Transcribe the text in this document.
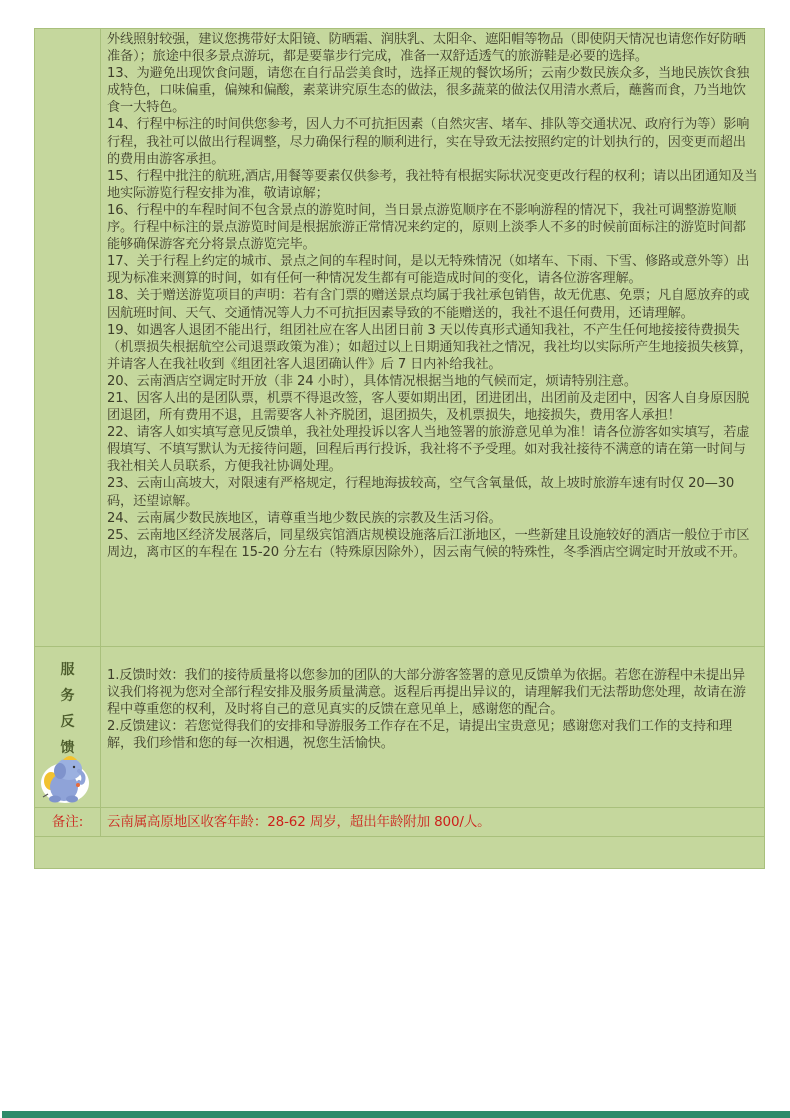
外线照射较强，建议您携带好太阳镜、防晒霜、润肤乳、太阳伞、遮阳帽等物品（即使阴天情况也请您作好防晒准备）；旅途中很多景点游玩，都是要靠步行完成，准备一双舒适透气的旅游鞋是必要的选择。

13、为避免出现饮食问题，请您在自行品尝美食时，选择正规的餐饮场所；云南少数民族众多，当地民族饮食独成特色，口味偏重，偏辣和偏酸，素菜讲究原生态的做法，很多蔬菜的做法仅用清水煮后，蘸酱而食，乃当地饮食一大特色。

14、行程中标注的时间供您参考，因人力不可抗拒因素（自然灾害、堵车、排队等交通状况、政府行为等）影响行程，我社可以做出行程调整，尽力确保行程的顺利进行，实在导致无法按照约定的计划执行的，因变更而超出的费用由游客承担。

15、行程中批注的航班,酒店,用餐等要素仅供参考，我社特有根据实际状况变更改行程的权利；请以出团通知及当地实际游览行程安排为准，敬请谅解；

16、行程中的车程时间不包含景点的游览时间，当日景点游览顺序在不影响游程的情况下，我社可调整游览顺序。行程中标注的景点游览时间是根据旅游正常情况来约定的，原则上淡季人不多的时候前面标注的游览时间都能够确保游客充分将景点游览完毕。

17、关于行程上约定的城市、景点之间的车程时间，是以无特殊情况（如堵车、下雨、下雪、修路或意外等）出现为标准来测算的时间，如有任何一种情况发生都有可能造成时间的变化，请各位游客理解。

18、关于赠送游览项目的声明：若有含门票的赠送景点均属于我社承包销售，故无优惠、免票；凡自愿放弃的或因航班时间、天气、交通情况等人力不可抗拒因素导致的不能赠送的，我社不退任何费用，还请理解。

19、如遇客人退团不能出行，组团社应在客人出团日前 3 天以传真形式通知我社，不产生任何地接接待费损失（机票损失根据航空公司退票政策为准）；如超过以上日期通知我社之情况，我社均以实际所产生地接损失核算，并请客人在我社收到《组团社客人退团确认件》后 7 日内补给我社。

20、云南酒店空调定时开放（非 24 小时），具体情况根据当地的气候而定，烦请特别注意。

21、因客人出的是团队票，机票不得退改签，客人要如期出团，团进团出，出团前及走团中，因客人自身原因脱团退团，所有费用不退，且需要客人补齐脱团，退团损失，及机票损失，地接损失，费用客人承担！

22、请客人如实填写意见反馈单，我社处理投诉以客人当地签署的旅游意见单为准！请各位游客如实填写，若虚假填写、不填写默认为无接待问题，回程后再行投诉，我社将不予受理。如对我社接待不满意的请在第一时间与我社相关人员联系，方便我社协调处理。

23、云南山高坡大，对限速有严格规定，行程地海拔较高，空气含氧量低，故上坡时旅游车速有时仅 20—30 码，还望谅解。

24、云南属少数民族地区，请尊重当地少数民族的宗教及生活习俗。

25、云南地区经济发展落后，同星级宾馆酒店规模设施落后江浙地区，一些新建且设施较好的酒店一般位于市区周边，离市区的车程在 15-20 分左右（特殊原因除外），因云南气候的特殊性，冬季酒店空调定时开放或不开。

服
务
反
馈

1.反馈时效：我们的接待质量将以您参加的团队的大部分游客签署的意见反馈单为依据。若您在游程中未提出异议我们将视为您对全部行程安排及服务质量满意。返程后再提出异议的，请理解我们无法帮助您处理，故请在游程中尊重您的权利，及时将自己的意见真实的反馈在意见单上，感谢您的配合。

2.反馈建议：若您觉得我们的安排和导游服务工作存在不足，请提出宝贵意见；感谢您对我们工作的支持和理解，我们珍惜和您的每一次相遇，祝您生活愉快。

备注:	云南属高原地区收客年龄：28-62 周岁，超出年龄附加 800/人。
